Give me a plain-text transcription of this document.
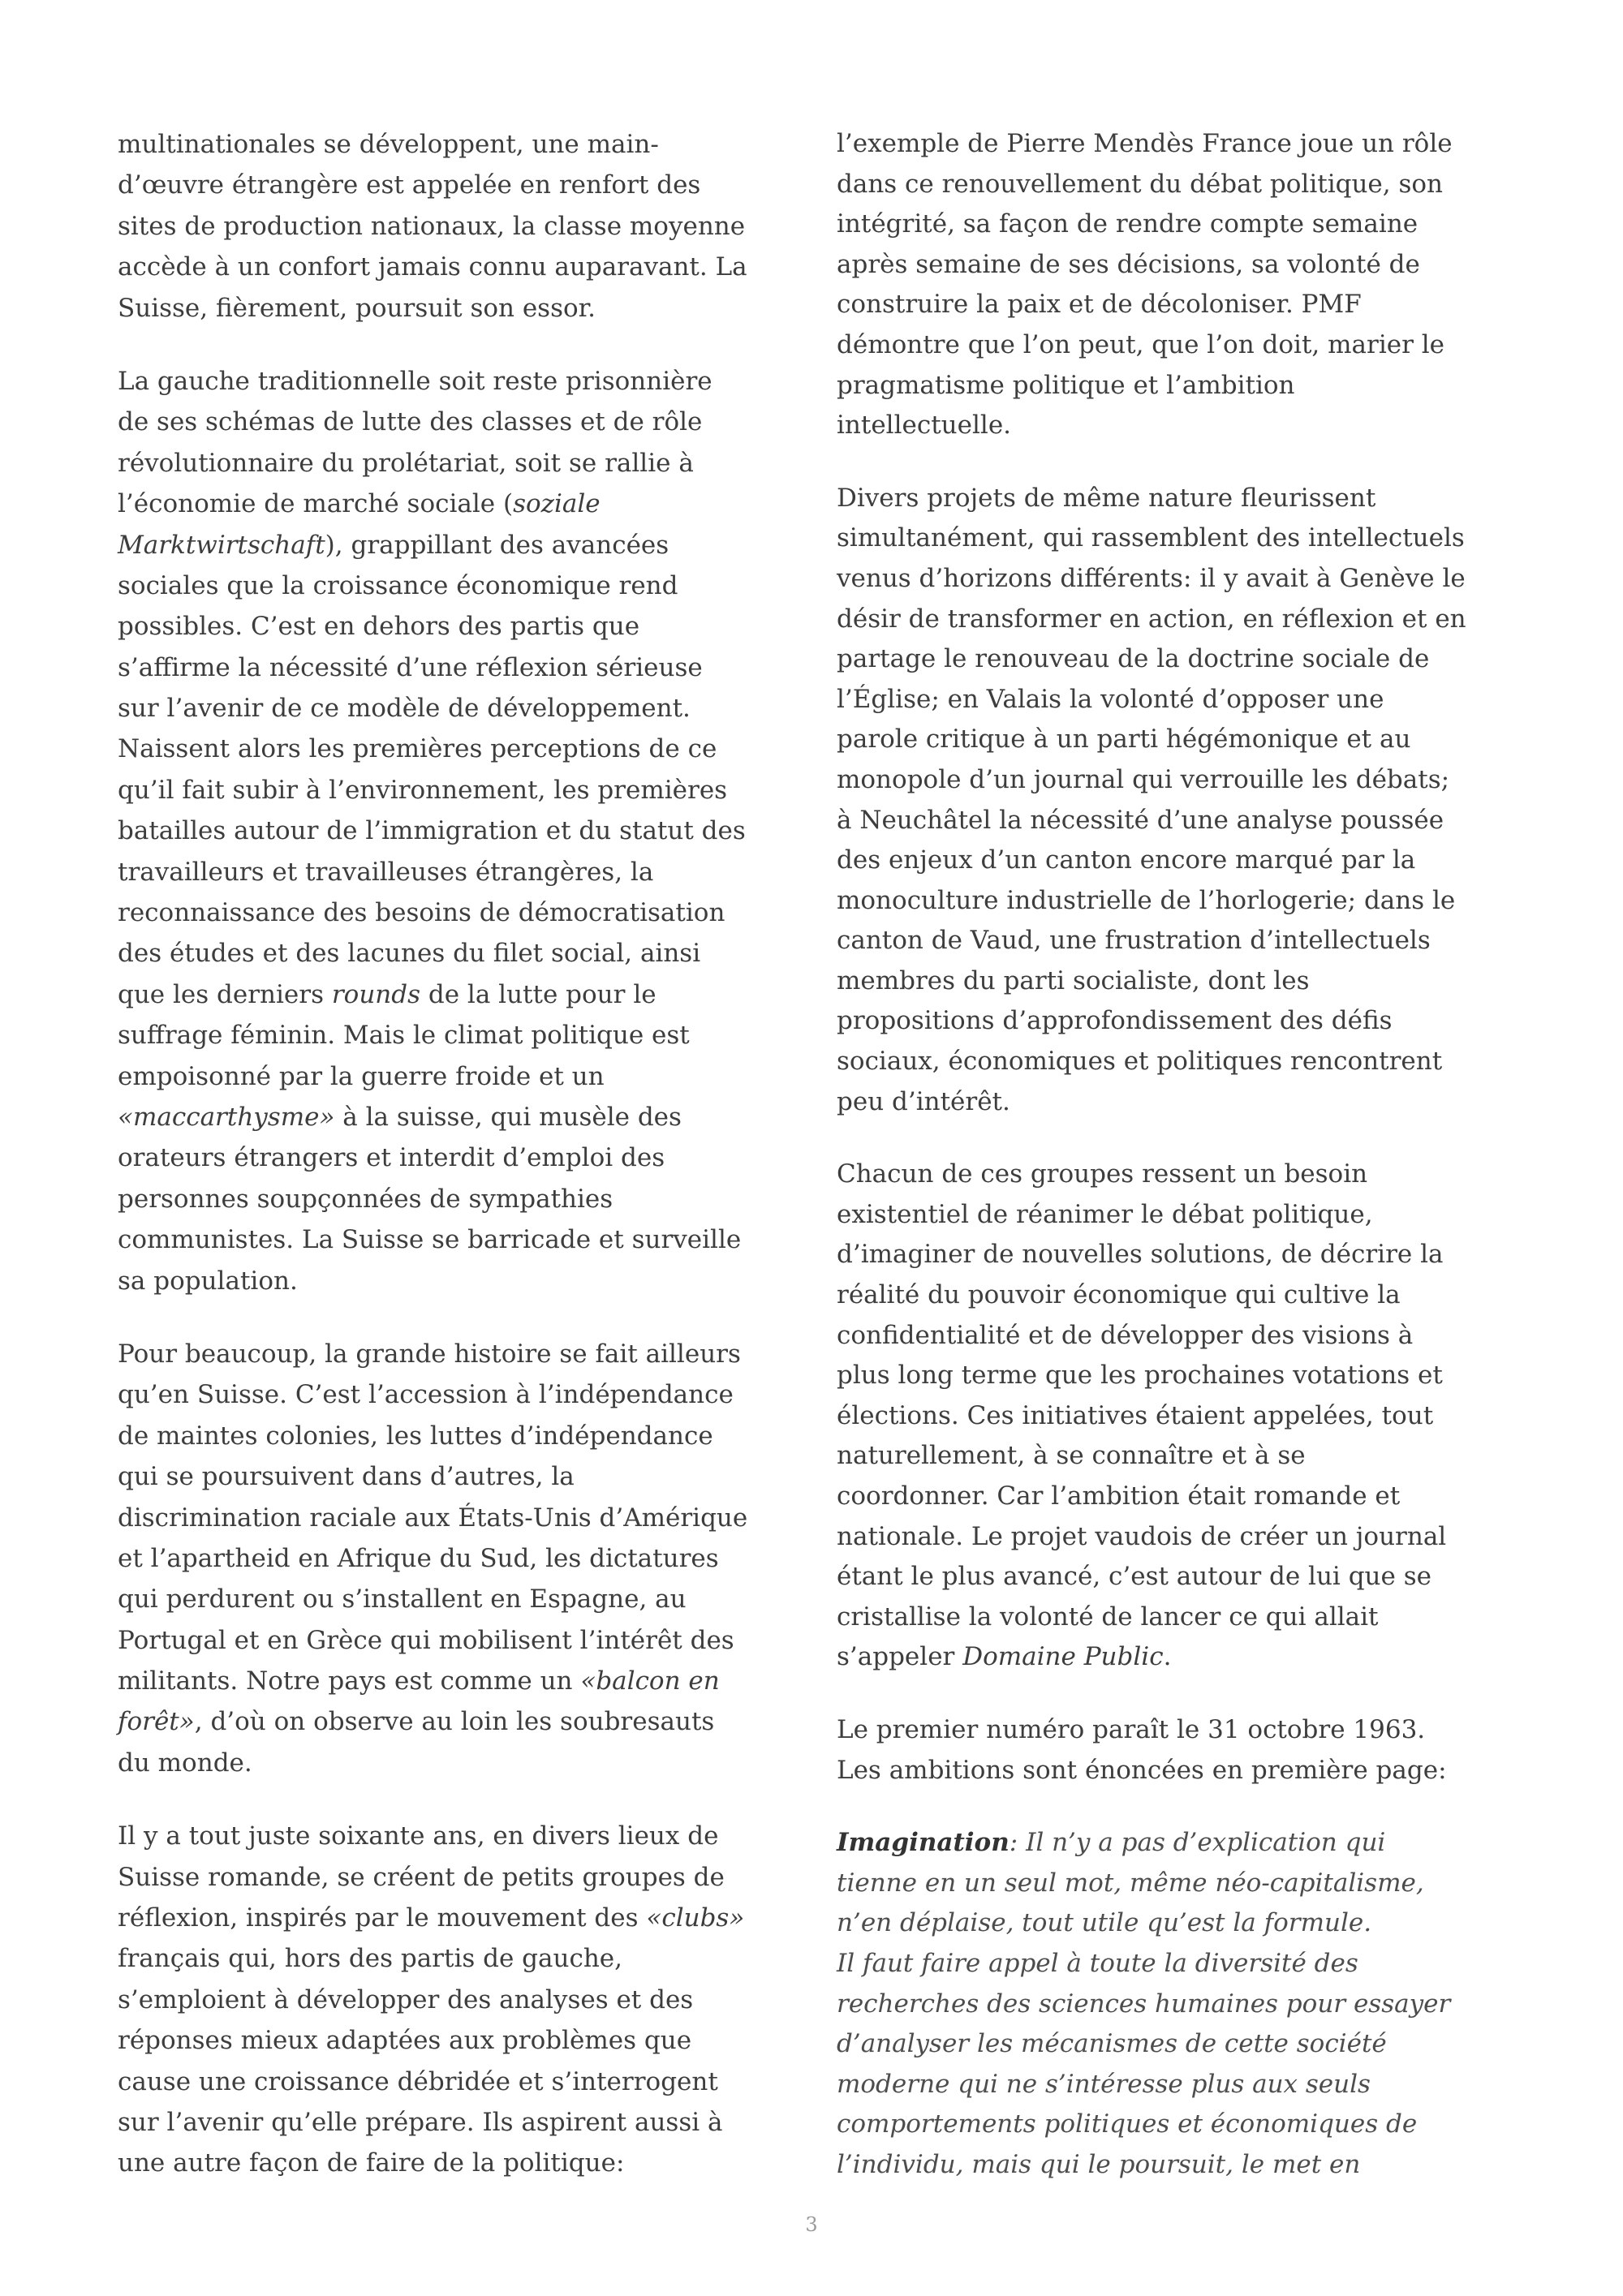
multinationales se développent, une main-
d’œuvre étrangère est appelée en renfort des
sites de production nationaux, la classe moyenne
accède à un confort jamais connu auparavant. La
Suisse, fièrement, poursuit son essor.
La gauche traditionnelle soit reste prisonnière
de ses schémas de lutte des classes et de rôle
révolutionnaire du prolétariat, soit se rallie à
l’économie de marché sociale (soziale
Marktwirtschaft), grappillant des avancées
sociales que la croissance économique rend
possibles. C’est en dehors des partis que
s’affirme la nécessité d’une réflexion sérieuse
sur l’avenir de ce modèle de développement.
Naissent alors les premières perceptions de ce
qu’il fait subir à l’environnement, les premières
batailles autour de l’immigration et du statut des
travailleurs et travailleuses étrangères, la
reconnaissance des besoins de démocratisation
des études et des lacunes du filet social, ainsi
que les derniers rounds de la lutte pour le
suffrage féminin. Mais le climat politique est
empoisonné par la guerre froide et un
«maccarthysme» à la suisse, qui musèle des
orateurs étrangers et interdit d’emploi des
personnes soupçonnées de sympathies
communistes. La Suisse se barricade et surveille
sa population.
Pour beaucoup, la grande histoire se fait ailleurs
qu’en Suisse. C’est l’accession à l’indépendance
de maintes colonies, les luttes d’indépendance
qui se poursuivent dans d’autres, la
discrimination raciale aux États-Unis d’Amérique
et l’apartheid en Afrique du Sud, les dictatures
qui perdurent ou s’installent en Espagne, au
Portugal et en Grèce qui mobilisent l’intérêt des
militants. Notre pays est comme un «balcon en
forêt», d’où on observe au loin les soubresauts
du monde.
Il y a tout juste soixante ans, en divers lieux de
Suisse romande, se créent de petits groupes de
réflexion, inspirés par le mouvement des «clubs»
français qui, hors des partis de gauche,
s’emploient à développer des analyses et des
réponses mieux adaptées aux problèmes que
cause une croissance débridée et s’interrogent
sur l’avenir qu’elle prépare. Ils aspirent aussi à
une autre façon de faire de la politique:
l’exemple de Pierre Mendès France joue un rôle
dans ce renouvellement du débat politique, son
intégrité, sa façon de rendre compte semaine
après semaine de ses décisions, sa volonté de
construire la paix et de décoloniser. PMF
démontre que l’on peut, que l’on doit, marier le
pragmatisme politique et l’ambition
intellectuelle.
Divers projets de même nature fleurissent
simultanément, qui rassemblent des intellectuels
venus d’horizons différents: il y avait à Genève le
désir de transformer en action, en réflexion et en
partage le renouveau de la doctrine sociale de
l’Église; en Valais la volonté d’opposer une
parole critique à un parti hégémonique et au
monopole d’un journal qui verrouille les débats;
à Neuchâtel la nécessité d’une analyse poussée
des enjeux d’un canton encore marqué par la
monoculture industrielle de l’horlogerie; dans le
canton de Vaud, une frustration d’intellectuels
membres du parti socialiste, dont les
propositions d’approfondissement des défis
sociaux, économiques et politiques rencontrent
peu d’intérêt.
Chacun de ces groupes ressent un besoin
existentiel de réanimer le débat politique,
d’imaginer de nouvelles solutions, de décrire la
réalité du pouvoir économique qui cultive la
confidentialité et de développer des visions à
plus long terme que les prochaines votations et
élections. Ces initiatives étaient appelées, tout
naturellement, à se connaître et à se
coordonner. Car l’ambition était romande et
nationale. Le projet vaudois de créer un journal
étant le plus avancé, c’est autour de lui que se
cristallise la volonté de lancer ce qui allait
s’appeler Domaine Public.
Le premier numéro paraît le 31 octobre 1963.
Les ambitions sont énoncées en première page:
Imagination: Il n’y a pas d’explication qui
tienne en un seul mot, même néo-capitalisme,
n’en déplaise, tout utile qu’est la formule.
Il faut faire appel à toute la diversité des
recherches des sciences humaines pour essayer
d’analyser les mécanismes de cette société
moderne qui ne s’intéresse plus aux seuls
comportements politiques et économiques de
l’individu, mais qui le poursuit, le met en
3
